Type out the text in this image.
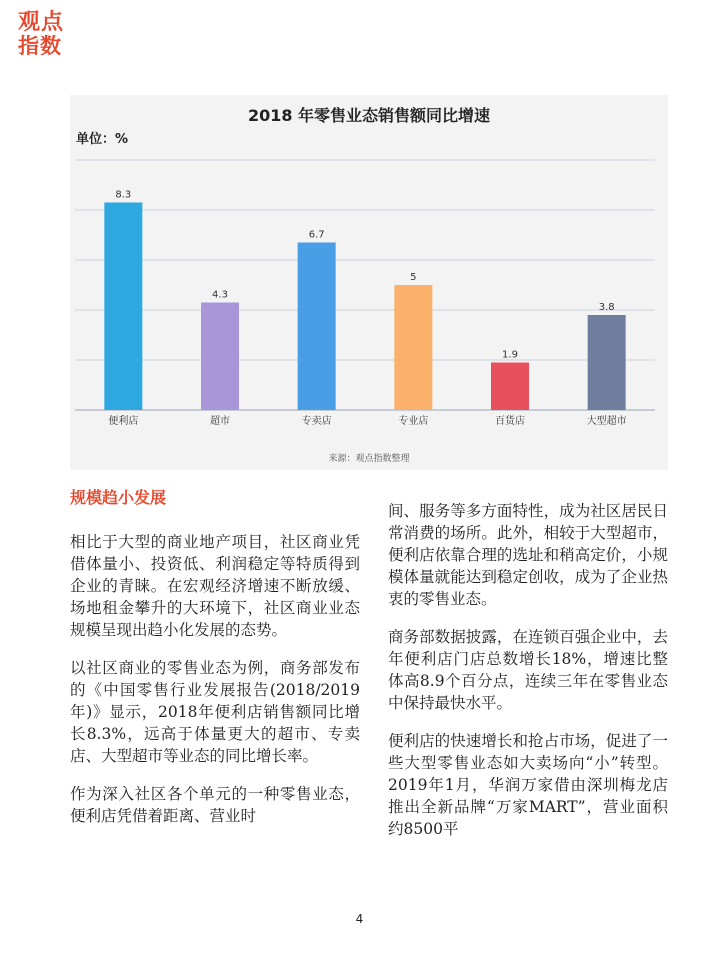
观点
指数
2018 年零售业态销售额同比增速
单位：%
8.3
便利店
4.3
超市
6.7
专卖店
5
专业店
1.9
百货店
3.8
大型超市
来源：观点指数整理

规模趋小发展

相比于大型的商业地产项目，社区商业凭借体量小、投资低、利润稳定等特质得到企业的青睐。在宏观经济增速不断放缓、场地租金攀升的大环境下，社区商业业态规模呈现出趋小化发展的态势。

以社区商业的零售业态为例，商务部发布的《中国零售行业发展报告(2018/2019年)》显示，2018年便利店销售额同比增长8.3%，远高于体量更大的超市、专卖店、大型超市等业态的同比增长率。

作为深入社区各个单元的一种零售业态，便利店凭借着距离、营业时

间、服务等多方面特性，成为社区居民日常消费的场所。此外，相较于大型超市，便利店依靠合理的选址和稍高定价，小规模体量就能达到稳定创收，成为了企业热衷的零售业态。

商务部数据披露，在连锁百强企业中，去年便利店门店总数增长18%，增速比整体高8.9个百分点，连续三年在零售业态中保持最快水平。

便利店的快速增长和抢占市场，促进了一些大型零售业态如大卖场向“小”转型。2019年1月，华润万家借由深圳梅龙店推出全新品牌“万家MART”，营业面积约8500平

4
